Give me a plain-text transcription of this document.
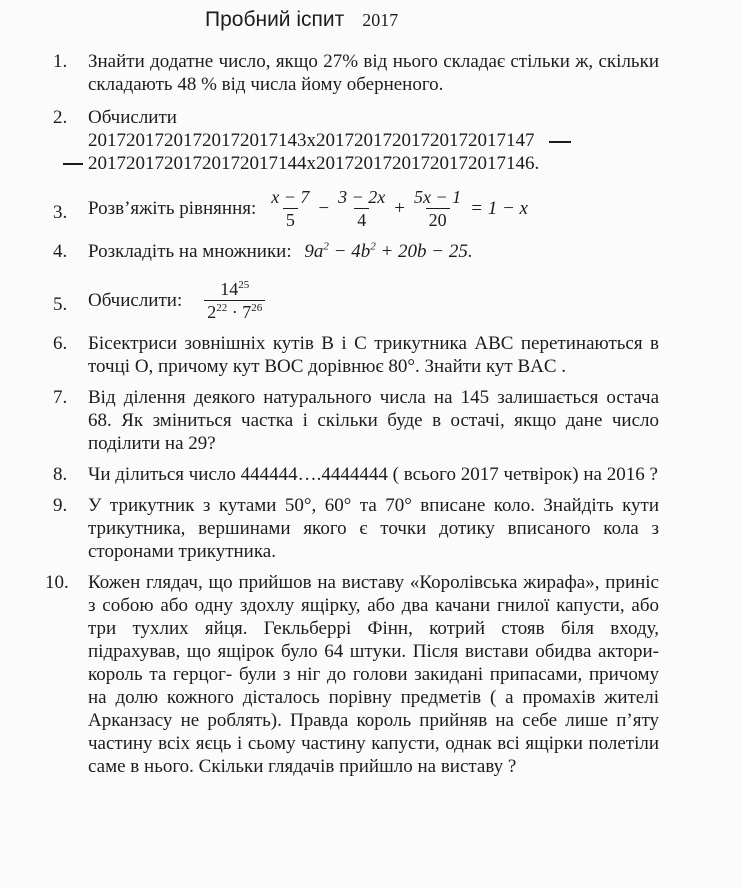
Пробний іспит 2017
1. Знайти додатне число, якщо 27% від нього складає стільки ж, скільки складають 48 % від числа йому оберненого.
2. Обчислити
20172017201720172017143х20172017201720172017147
20172017201720172017144х20172017201720172017146.
3. Розв’яжіть рівняння: $\frac{x - 7}{5} - \frac{3 - 2x}{4} + \frac{5x - 1}{20} = 1 - x$
4. Розкладіть на множники: $9a^2 - 4b^2 + 20b - 25$.
5. Обчислити: $\frac{14^{25}}{2^{22} \cdot 7^{26}}$
6. Бісектриси зовнішніх кутів B і C трикутника ABC перетинаються в точці O, причому кут BOC дорівнює 80°. Знайти кут BAC .
7. Від ділення деякого натурального числа на 145 залишається остача 68. Як зміниться частка і скільки буде в остачі, якщо дане число поділити на 29?
8. Чи ділиться число 444444….4444444 ( всього 2017 четвірок) на 2016 ?
9. У трикутник з кутами 50°, 60° та 70° вписане коло. Знайдіть кути трикутника, вершинами якого є точки дотику вписаного кола з сторонами трикутника.
10. Кожен глядач, що прийшов на виставу «Королівська жирафа», приніс з собою або одну здохлу ящірку, або два качани гнилої капусти, або три тухлих яйця. Гекльберрі Фінн, котрий стояв біля входу, підрахував, що ящірок було 64 штуки. Після вистави обидва актори- король та герцог- були з ніг до голови закидані припасами, причому на долю кожного дісталось порівну предметів ( а промахів жителі Арканзасу не роблять). Правда король прийняв на себе лише п’яту частину всіх яєць і сьому частину капусти, однак всі ящірки полетіли саме в нього. Скільки глядачів прийшло на виставу ?
